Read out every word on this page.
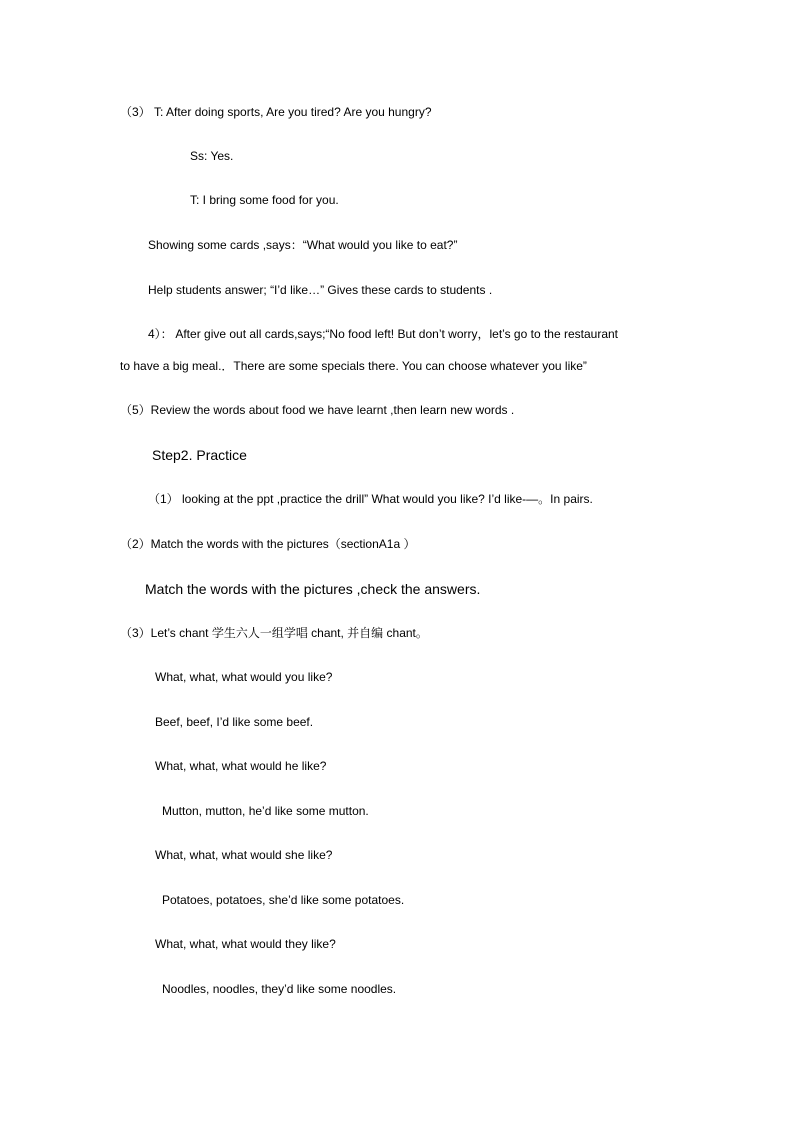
（3） T: After doing sports, Are you tired? Are you hungry?
Ss: Yes.
T: I bring some food for you.
Showing some cards ,says：“What would you like to eat?”
Help students answer; “I’d like…” Gives these cards to students .
4）： After give out all cards,says;“No food left! But don’t worry，let’s go to the restaurant
to have a big meal.．There are some specials there. You can choose whatever you like”
（5）Review the words about food we have learnt ,then learn new words .
Step2. Practice
（1） looking at the ppt ,practice the drill” What would you like? I’d like-—。In pairs.
（2）Match the words with the pictures（sectionA1a ）
Match the words with the pictures ,check the answers.
（3）Let’s chant 学生六人一组学唱 chant, 并自编 chant。
What, what, what would you like?
Beef, beef, I’d like some beef.
What, what, what would he like?
Mutton, mutton, he’d like some mutton.
What, what, what would she like?
Potatoes, potatoes, she’d like some potatoes.
What, what, what would they like?
Noodles, noodles, they’d like some noodles.
